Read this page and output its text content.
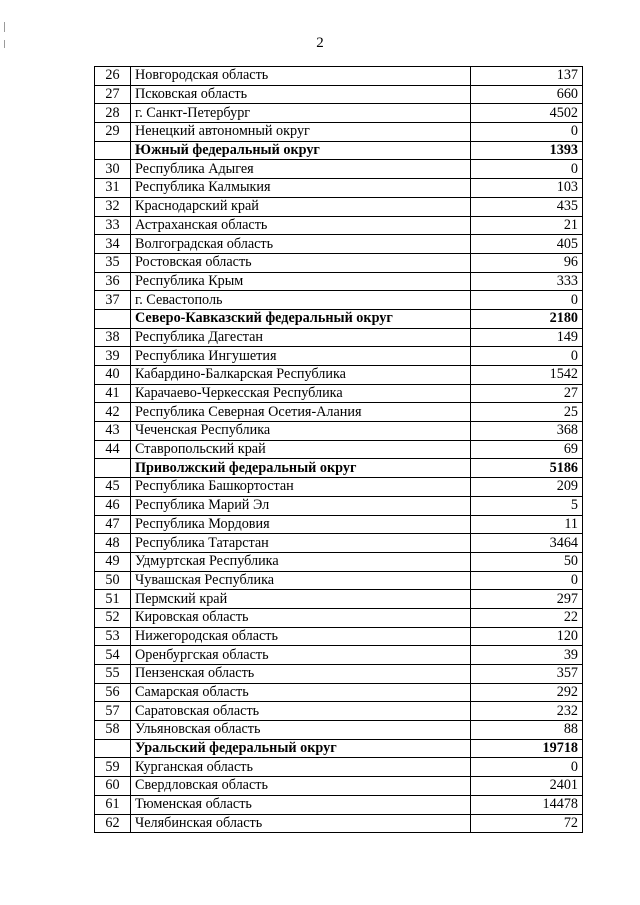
2
26	Новгородская область	137
27	Псковская область	660
28	г. Санкт-Петербург	4502
29	Ненецкий автономный округ	0
	Южный федеральный округ	1393
30	Республика Адыгея	0
31	Республика Калмыкия	103
32	Краснодарский край	435
33	Астраханская область	21
34	Волгоградская область	405
35	Ростовская область	96
36	Республика Крым	333
37	г. Севастополь	0
	Северо-Кавказский федеральный округ	2180
38	Республика Дагестан	149
39	Республика Ингушетия	0
40	Кабардино-Балкарская Республика	1542
41	Карачаево-Черкесская Республика	27
42	Республика Северная Осетия-Алания	25
43	Чеченская Республика	368
44	Ставропольский край	69
	Приволжский федеральный округ	5186
45	Республика Башкортостан	209
46	Республика Марий Эл	5
47	Республика Мордовия	11
48	Республика Татарстан	3464
49	Удмуртская Республика	50
50	Чувашская Республика	0
51	Пермский край	297
52	Кировская область	22
53	Нижегородская область	120
54	Оренбургская область	39
55	Пензенская область	357
56	Самарская область	292
57	Саратовская область	232
58	Ульяновская область	88
	Уральский федеральный округ	19718
59	Курганская область	0
60	Свердловская область	2401
61	Тюменская область	14478
62	Челябинская область	72
